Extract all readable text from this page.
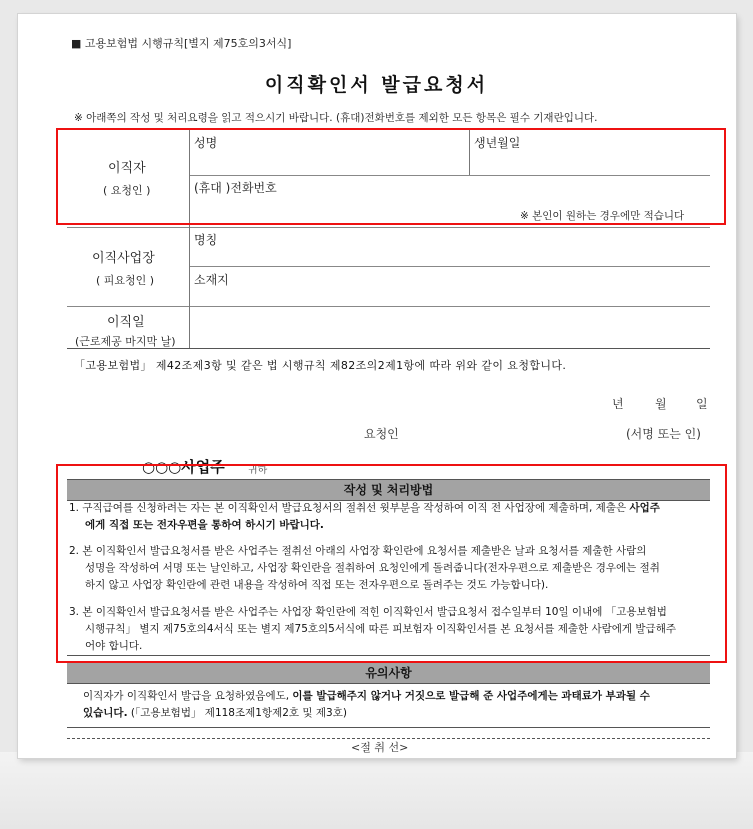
■ 고용보험법 시행규칙[별지 제75호의3서식]
이직확인서 발급요청서
※ 아래쪽의 작성 및 처리요령을 읽고 적으시기 바랍니다. (휴대)전화번호를 제외한 모든 항목은 필수 기재란입니다.
이직자
( 요청인 )
성명	생년월일
(휴대 )전화번호
※ 본인이 원하는 경우에만 적습니다
이직사업장
( 피요청인 )
명칭
소재지
이직일
(근로제공 마지막 날)
「고용보험법」 제42조제3항 및 같은 법 시행규칙 제82조의2제1항에 따라 위와 같이 요청합니다.
년	월 일
요청인	(서명 또는 인)
○○○사업주 귀하
작성 및 처리방법
1. 구직급여를 신청하려는 자는 본 이직확인서 발급요청서의 절취선 윗부분을 작성하여 이직 전 사업장에 제출하며, 제출은 사업주
에게 직접 또는 전자우편을 통하여 하시기 바랍니다.
2. 본 이직확인서 발급요청서를 받은 사업주는 절취선 아래의 사업장 확인란에 요청서를 제출받은 날과 요청서를 제출한 사람의
성명을 작성하여 서명 또는 날인하고, 사업장 확인란을 절취하여 요청인에게 돌려줍니다(전자우편으로 제출받은 경우에는 절취
하지 않고 사업장 확인란에 관련 내용을 작성하여 직접 또는 전자우편으로 돌려주는 것도 가능합니다).
3. 본 이직확인서 발급요청서를 받은 사업주는 사업장 확인란에 적힌 이직확인서 발급요청서 접수일부터 10일 이내에 「고용보험법
시행규칙」 별지 제75호의4서식 또는 별지 제75호의5서식에 따른 피보험자 이직확인서를 본 요청서를 제출한 사람에게 발급해주
어야 합니다.
유의사항
이직자가 이직확인서 발급을 요청하였음에도, 이를 발급해주지 않거나 거짓으로 발급해 준 사업주에게는 과태료가 부과될 수
있습니다. (「고용보험법」 제118조제1항제2호 및 제3호)
<절 취 선>
